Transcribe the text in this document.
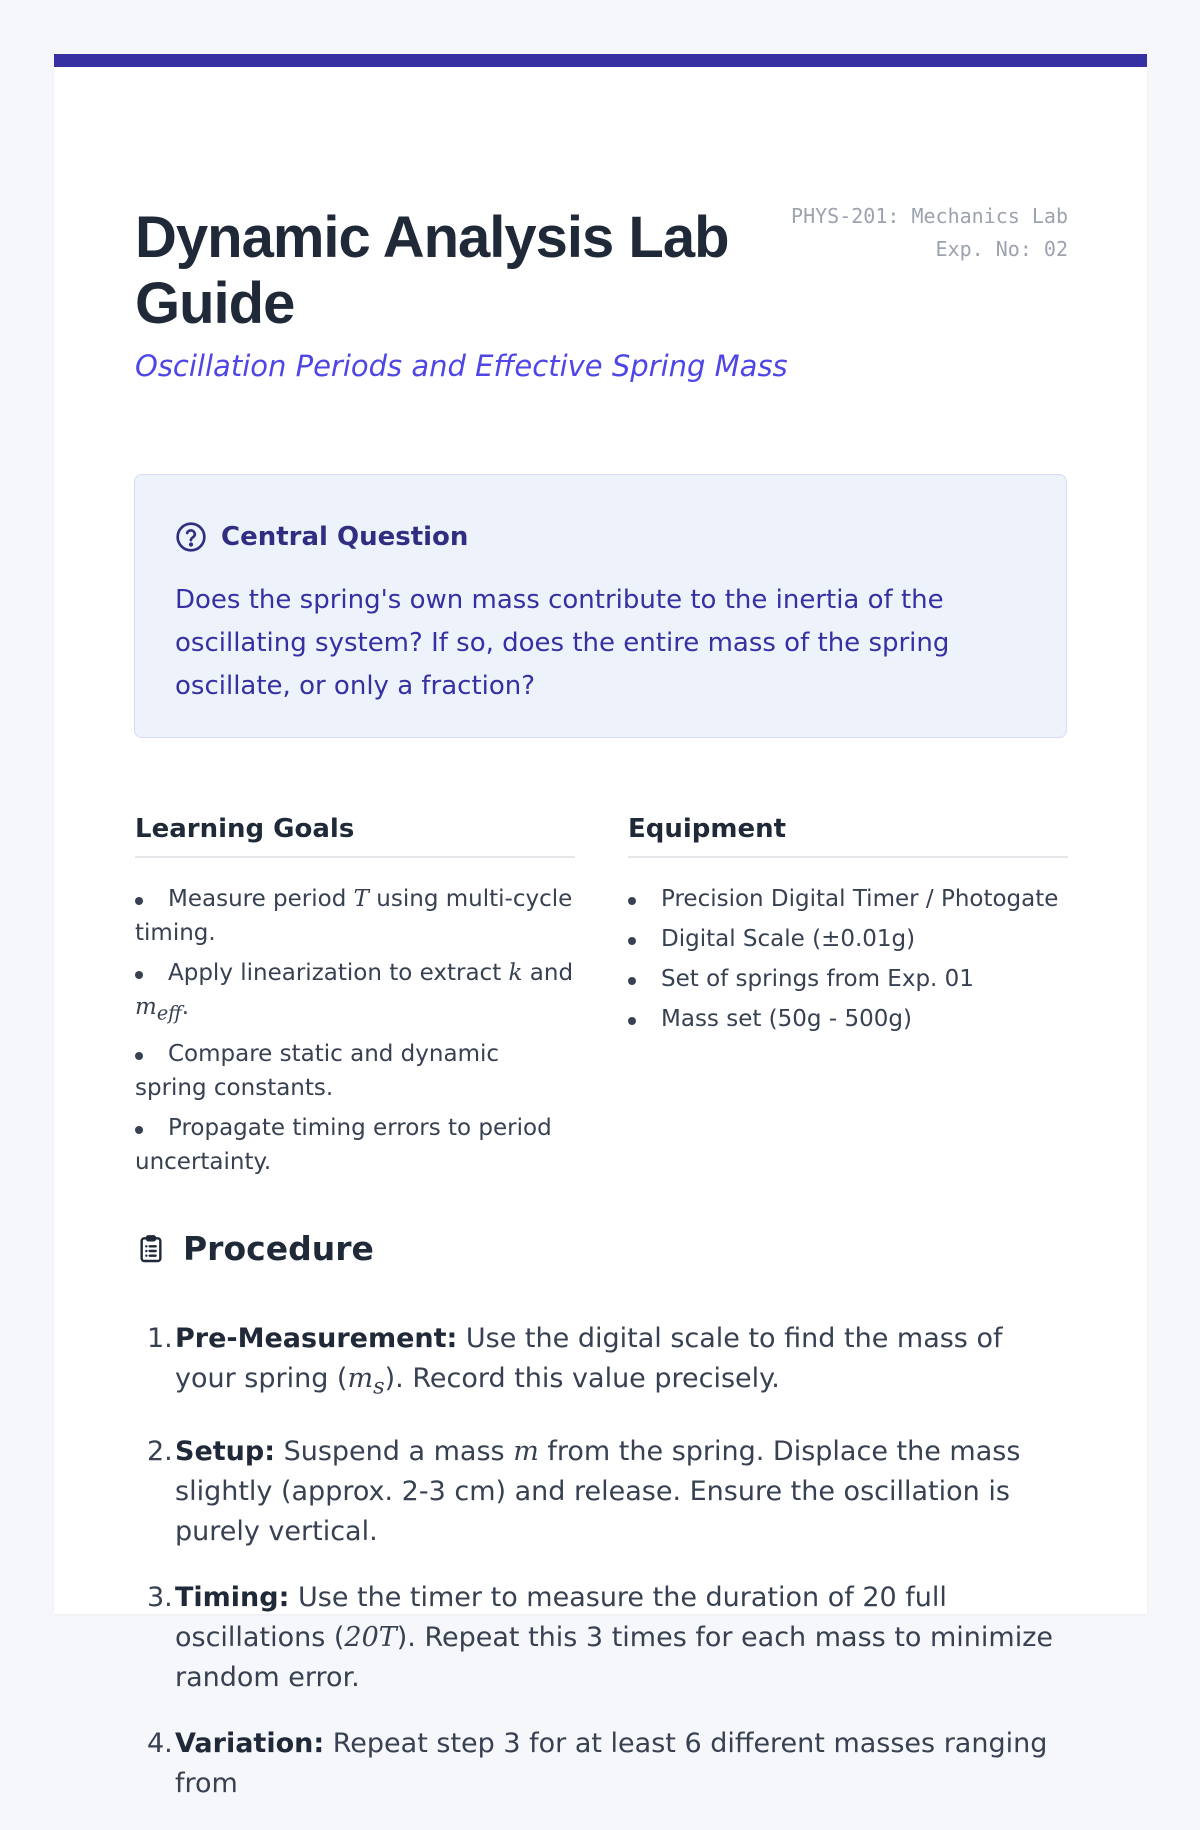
Dynamic Analysis Lab Guide
PHYS-201: Mechanics Lab
Exp. No: 02

Oscillation Periods and Effective Spring Mass

Central Question

Does the spring's own mass contribute to the inertia of the oscillating system? If so, does the entire mass of the spring oscillate, or only a fraction?

Learning Goals
Measure period T using multi-cycle timing.
Apply linearization to extract k and $m_{eff}$.
Compare static and dynamic spring constants.
Propagate timing errors to period uncertainty.
Equipment
Precision Digital Timer / Photogate
Digital Scale (±0.01g)
Set of springs from Exp. 01
Mass set (50g - 500g)
Procedure
1. Pre-Measurement: Use the digital scale to find the mass of your spring $(m_s)$. Record this value precisely.
2. Setup: Suspend a mass m from the spring. Displace the mass slightly (approx. 2-3 cm) and release. Ensure the oscillation is purely vertical.
3. Timing: Use the timer to measure the duration of 20 full oscillations (20T). Repeat this 3 times for each mass to minimize random error.
4. Variation: Repeat step 3 for at least 6 different masses ranging from
